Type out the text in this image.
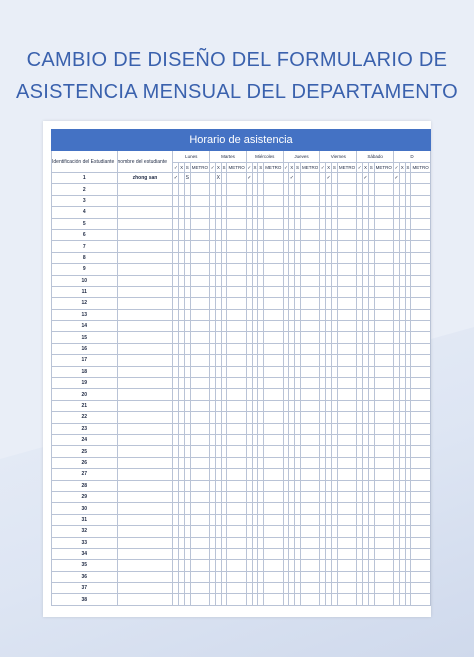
CAMBIO DE DISEÑO DEL FORMULARIO DE
ASISTENCIA MENSUAL DEL DEPARTAMENTO
Horario de asistencia																													
Identificación del Estudiante	nombre del estudiante	Lunes				Martes				Miércoles				Jueves				Viernes				Sábado				D			
		✓	X	S	METRO	✓	X	S	METRO	✓	X	S	METRO	✓	X	S	METRO	✓	X	S	METRO	✓	X	S	METRO	✓	X	S	METRO
1	zhong san	✓		S			X			✓					✓				✓				✓			✓			
2																													
3																													
4																													
5																													
6																													
7																													
8																													
9																													
10																													
11																													
12																													
13																													
14																													
15																													
16																													
17																													
18																													
19																													
20																													
21																													
22																													
23																													
24																													
25																													
26																													
27																													
28																													
29																													
30																													
31																													
32																													
33																													
34																													
35																													
36																													
37																													
38																													
